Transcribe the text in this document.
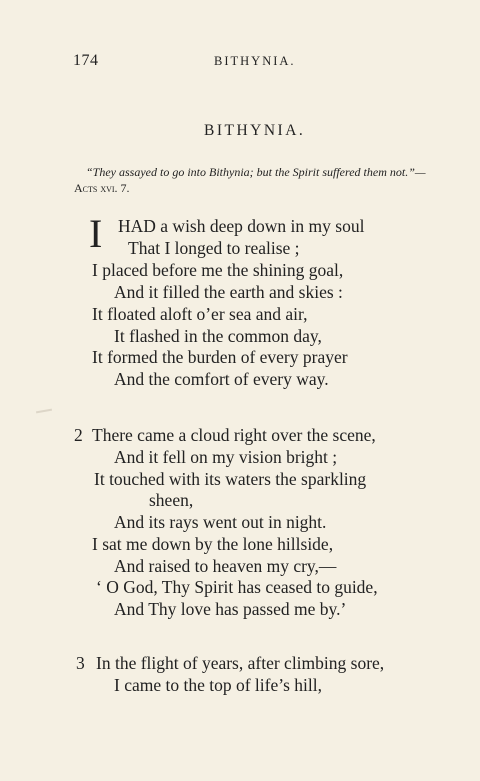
174	BITHYNIA.
BITHYNIA.
“They assayed to go into Bithynia; but the Spirit suffered them not.”—Acts xvi. 7.
I HAD a wish deep down in my soul
That I longed to realise ;
I placed before me the shining goal,
And it filled the earth and skies :
It floated aloft o’er sea and air,
It flashed in the common day,
It formed the burden of every prayer
And the comfort of every way.
2 There came a cloud right over the scene,
And it fell on my vision bright ;
It touched with its waters the sparkling
sheen,
And its rays went out in night.
I sat me down by the lone hillside,
And raised to heaven my cry,—
‘ O God, Thy Spirit has ceased to guide,
And Thy love has passed me by.’
3 In the flight of years, after climbing sore,
I came to the top of life’s hill,
